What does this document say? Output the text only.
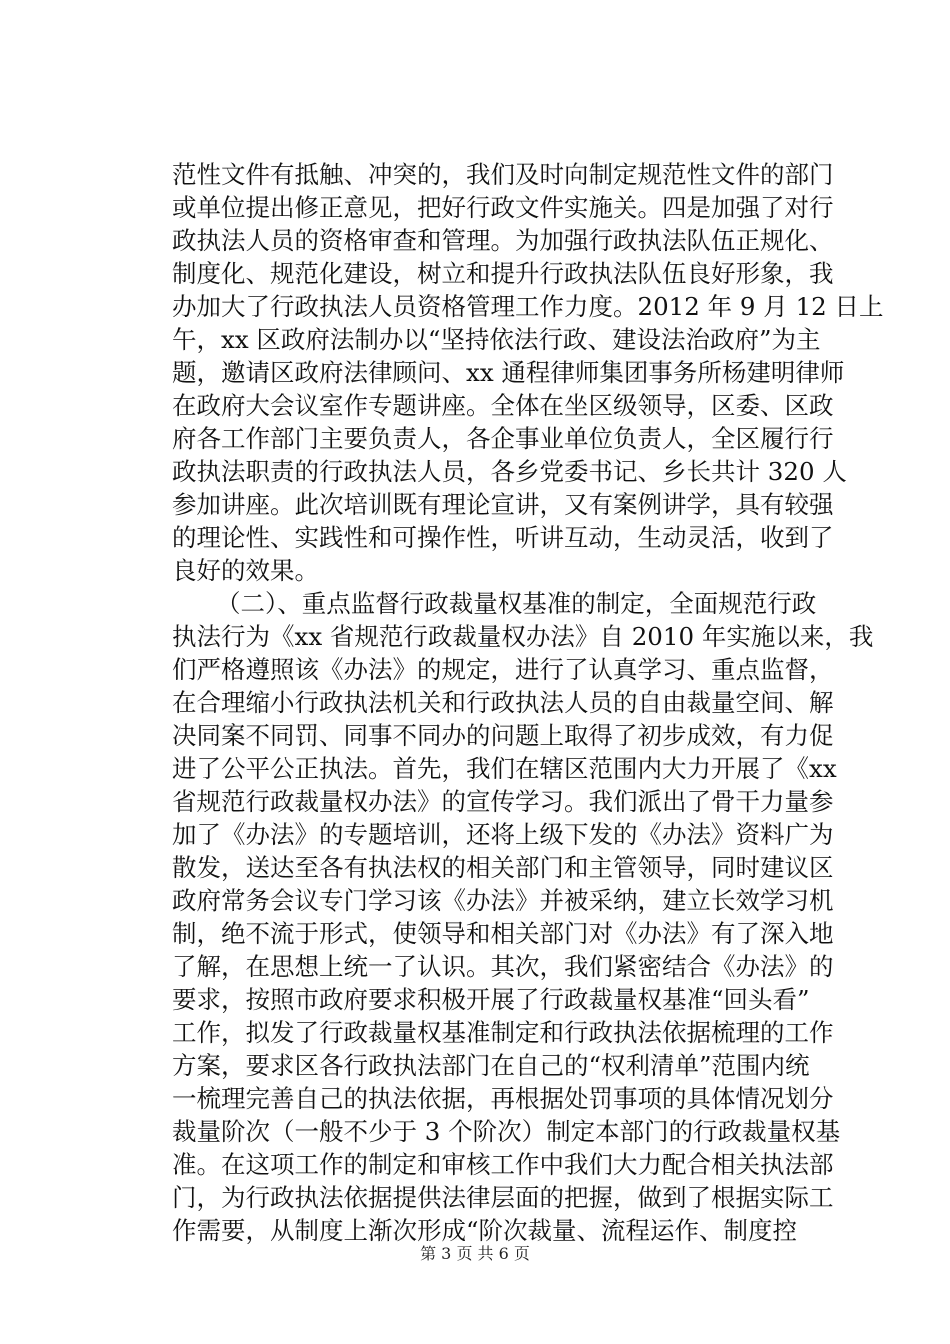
范性文件有抵触、冲突的，我们及时向制定规范性文件的部门
或单位提出修正意见，把好行政文件实施关。四是加强了对行
政执法人员的资格审查和管理。为加强行政执法队伍正规化、
制度化、规范化建设，树立和提升行政执法队伍良好形象，我
办加大了行政执法人员资格管理工作力度。2012 年 9 月 12 日上
午，xx 区政府法制办以“坚持依法行政、建设法治政府”为主
题，邀请区政府法律顾问、xx 通程律师集团事务所杨建明律师
在政府大会议室作专题讲座。全体在坐区级领导，区委、区政
府各工作部门主要负责人，各企事业单位负责人，全区履行行
政执法职责的行政执法人员，各乡党委书记、乡长共计 320 人
参加讲座。此次培训既有理论宣讲，又有案例讲学，具有较强
的理论性、实践性和可操作性，听讲互动，生动灵活，收到了
良好的效果。
（二）、重点监督行政裁量权基准的制定，全面规范行政
执法行为《xx 省规范行政裁量权办法》自 2010 年实施以来，我
们严格遵照该《办法》的规定，进行了认真学习、重点监督，
在合理缩小行政执法机关和行政执法人员的自由裁量空间、解
决同案不同罚、同事不同办的问题上取得了初步成效，有力促
进了公平公正执法。首先，我们在辖区范围内大力开展了《xx
省规范行政裁量权办法》的宣传学习。我们派出了骨干力量参
加了《办法》的专题培训，还将上级下发的《办法》资料广为
散发，送达至各有执法权的相关部门和主管领导，同时建议区
政府常务会议专门学习该《办法》并被采纳，建立长效学习机
制，绝不流于形式，使领导和相关部门对《办法》有了深入地
了解，在思想上统一了认识。其次，我们紧密结合《办法》的
要求，按照市政府要求积极开展了行政裁量权基准“回头看”
工作，拟发了行政裁量权基准制定和行政执法依据梳理的工作
方案，要求区各行政执法部门在自己的“权利清单”范围内统
一梳理完善自己的执法依据，再根据处罚事项的具体情况划分
裁量阶次（一般不少于 3 个阶次）制定本部门的行政裁量权基
准。在这项工作的制定和审核工作中我们大力配合相关执法部
门，为行政执法依据提供法律层面的把握，做到了根据实际工
作需要，从制度上渐次形成“阶次裁量、流程运作、制度控
第 3 页 共 6 页
